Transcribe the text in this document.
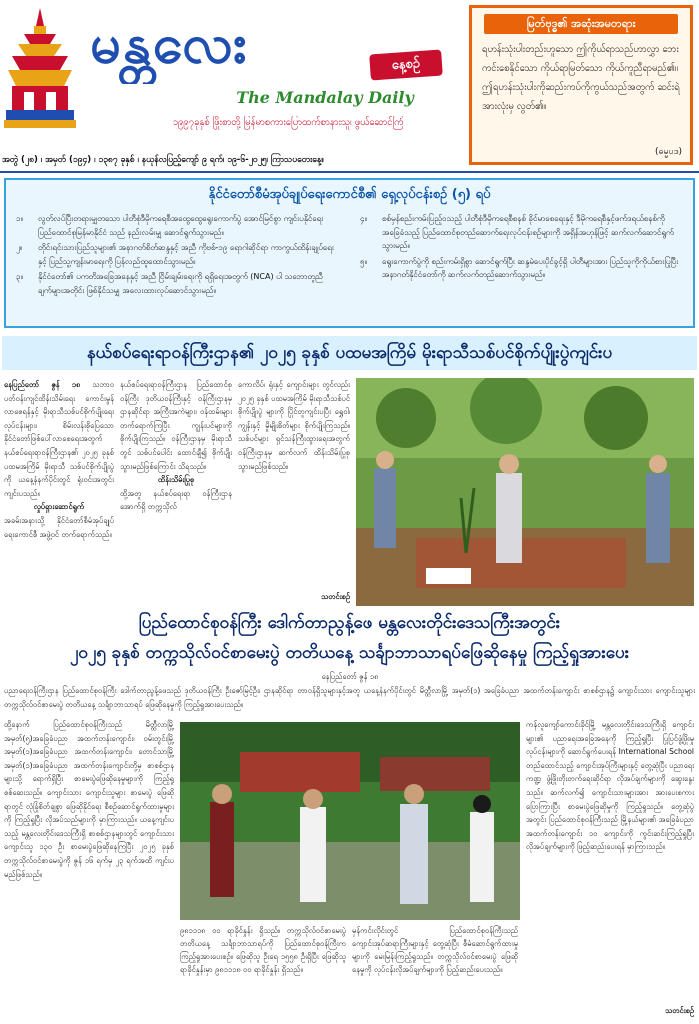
မန္တလေး	နေ့စဉ်
The Mandalay Daily
၁၉၉၇ခုနှစ် ဖြိုးစာတို့ မြန်မာစကားပြောထက်စာနားသူ၊ ဖွယ်ဆောင်ကြံ
မြတ်ဗုဒ္ဓ၏ အဆုံးအမတရား
ရဟန်းသုံးပါးတည်းဟူသော ဤကိုယ်ရာသည်ဟာလွှာ ဘေးကင်းစေနိုင်သော ကိုယ်ရာမြတ်သော ကိုယ်ကူညီရာမည်၏။ ဤရဟန်းသုံးပါးကိုဆည်းကပ်ကိုကွယ်သည်အတွက် ဆင်းရဲအားလုံးမှ လွတ်၏။
(ဓမ္မပဒ)
အတွဲ (၂၈) ၊ အမှတ် (၁၉၄) ၊ ၁၃၈၇ ခုနှစ် ၊ နယုန်လပြည့်ကျော် ၉ ရက်၊ ၁၉-၆-၂၀၂၅၊ ကြာသပတေးနေ့။
နိုင်ငံတော်စီမံအုပ်ချုပ်ရေးကောင်စီ၏ ရှေ့လုပ်ငန်းစဉ် (၅) ရပ်
၁။	လွတ်လပ်ပြီးတရားမျှတသော ပါတီစုံဒီမိုကရေစီအထွေထွေရွေးကောက်ပွဲ အောင်မြင်စွာ ကျင်းပနိုင်ရေး ပြည်ထောင်စုမြန်မာနိုင်ငံ သည် နည်းလမ်းမျှ ဆောင်ရွက်သွားမည်။
၂။	တိုင်းရင်းသားပြည်သူများ၏ အနာဂတ်စိတ်ဆန္ဒနှင့် အညီ ကိုဗစ်-၁၉ ရောဂါဆိုင်ရာ ကာကွယ်ထိန်းချုပ်ရေးနှင့် ပြည်သူ့ကျန်းမာရေးကို ပြန်လည်ထူထောင်သွားမည်။
၃။	နိုင်ငံတော်၏ ပကတိအခြေအနေနှင့် အညီ ငြိမ်းချမ်းရေးကို ရရှိရေးအတွက် (NCA) ပါ သဘောတူညီချက်များအတိုင်း ဖြစ်နိုင်သမျှ အလေးထားလုပ်ဆောင်သွားမည်။
၄။	စစ်မှန်စည်းကမ်းပြည့်ဝသည့် ပါတီစုံဒီမိုကရေစီစနစ် ခိုင်မာစေရေးနှင့် ဒီမိုကရေစီနှင့်ဖက်ဒရယ်စနစ်ကိုအခြေခံသည့် ပြည်ထောင်စုတည်ဆောက်ရေးလုပ်ငန်းစဉ်များကို အရှိန်အဟုန်ဖြင့် ဆက်လက်ဆောင်ရွက်သွားမည်။
၅။	ရွေးကောက်ပွဲကို စည်းကမ်းရှိစွာ ဆောင်ရွက်ပြီး ဆန္ဒမဲပေးပိုင်ခွင့်ရှိ ပါတီများအား ပြည်သူကိုကိုယ်စားပြုပြီး အနာဂတ်နိုင်ငံတော်ကို ဆက်လက်တည်ဆောက်သွားမည်။
နယ်စပ်ရေးရာဝန်ကြီးဌာန၏ ၂၀၂၅ ခုနှစ် ပထမအကြိမ် မိုးရာသီသစ်ပင်စိုက်ပျိုးပွဲကျင်းပ
နေပြည်တော် ဇွန် ၁၈ သဘာဝပတ်ဝန်းကျင်ထိန်းသိမ်းရေး ကောင်းမွန်လာစေရန်နှင့် မိုးရာသီသစ်ပင်စိုက်ပျိုးရေး လုပ်ငန်းများ၊ စိမ်းလန်းစိုပြေသော နိုင်ငံတော်ဖြစ်ပေါ်လာစေရေးအတွက် နယ်စပ်ရေးရာဝန်ကြီးဌာန၏ ၂၀၂၅ ခုနှစ် ပထမအကြိမ် မိုးရာသီ သစ်ပင်စိုက်ပျိုးပွဲကို ယနေ့နံနက်ပိုင်းတွင် ရုံးဝင်းအတွင်း ကျင်းပသည်။
လှုပ်ရှားဆောင်ရွက်
အခမ်းအနားသို့ နိုင်ငံတော်စီမံအုပ်ချုပ်ရေးကောင်စီ အဖွဲ့ဝင် တက်ရောက်သည်။
နယ်စပ်ရေးရာဝန်ကြီးဌာန ပြည်ထောင်စုဝန်ကြီး ဒုတိယဝန်ကြီးနှင့် ဝန်ကြီးဌာနမှ ဌာနဆိုင်ရာ အကြီးအကဲများ၊ ဝန်ထမ်းများ တက်ရောက်ကြပြီး ကျွန်းပင်များကို စိုက်ပျိုးကြသည်။ ဝန်ကြီးဌာနမှ မိုးရာသီတွင် သစ်ပင်ပေါင်း ထောင်ချီ၍ စိုက်ပျိုးသွားမည်ဖြစ်ကြောင်း သိရသည်။
ထိန်းသိမ်းပြုစု
ထို့အတူ နယ်စပ်ရေးရာ ဝန်ကြီးဌာနအောက်ရှိ တက္ကသိုလ်
ကောလိပ်၊ ရုံးနှင့် ကျောင်းများ တွင်လည်း ၂၀၂၅ ခုနှစ် ပထမအကြိမ် မိုးရာသီသစ်ပင်စိုက်ပျိုးပွဲ များကို ပြိုင်တူကျင်းပပြီး ရွှေဝါ၊ ကျွန်းနှင့် မှိုမျိုးစိတ်များ စိုက်ပျိုးကြသည်။ သစ်ပင်များ ရှင်သန်ကြီးထွားရေးအတွက် ဝန်ကြီးဌာနမှ ဆက်လက် ထိန်းသိမ်းပြုစုသွားမည်ဖြစ်သည်။
သတင်းစဉ်
ပြည်ထောင်စုဝန်ကြီး ဒေါက်တာညွန့်ဖေ မန္တလေးတိုင်းဒေသကြီးအတွင်း
၂၀၂၅ ခုနှစ် တက္ကသိုလ်ဝင်စာမေးပွဲ တတိယနေ့ သင်္ချာဘာသာရပ်ဖြေဆိုနေမှု ကြည့်ရှုအားပေး
နေပြည်တော် ဇွန် ၁၈
ပညာရေးဝန်ကြီးဌာန ပြည်ထောင်စုဝန်ကြီး ဒေါက်တာညွန့်ဖေသည် ဒုတိယဝန်ကြီး ဦးဇော်မြင့်ဦး၊ ဌာနဆိုင်ရာ တာဝန်ရှိသူများနှင့်အတူ ယနေ့နံနက်ပိုင်းတွင် မိတ္ထီလာမြို့ အမှတ်(၁) အခြေခံပညာ အထက်တန်းကျောင်း စာစစ်ဌာန၌ ကျောင်းသား ကျောင်းသူများ တက္ကသိုလ်ဝင်စာမေးပွဲ တတိယနေ့ သင်္ချာဘာသာရပ် ဖြေဆိုနေမှုကို ကြည့်ရှုအားပေးသည်။
ထို့နောက် ပြည်ထောင်စုဝန်ကြီးသည် မိတ္ထီလာမြို့ အမှတ်(၅)အခြေခံပညာ အထက်တန်းကျောင်း၊ ဝမ်းတွင်းမြို့ အမှတ်(၁)အခြေခံပညာ အထက်တန်းကျောင်း၊ တောင်သာမြို့ အမှတ်(၁)အခြေခံပညာ အထက်တန်းကျောင်းတို့မှ စာစစ်ဌာနများသို့ ရောက်ရှိပြီး စာမေးပွဲဖြေဆိုနေမှုများကို ကြည့်ရှုစစ်ဆေးသည်။ ကျောင်းသား ကျောင်းသူများ စာမေးပွဲ ဖြေဆိုရာတွင် လုံခြုံစိတ်ချစွာ ဖြေဆိုနိုင်ရေး စီစဉ်ဆောင်ရွက်ထားမှုများကို ကြည့်ရှုပြီး လိုအပ်သည်များကို မှာကြားသည်။ ယနေ့ကျင်းပသည့် မန္တလေးတိုင်းဒေသကြီးရှိ စာစစ်ဌာနများတွင် ကျောင်းသား ကျောင်းသူ ၁၃၀ ဦး စာမေးပွဲဖြေဆိုနေကြပြီး ၂၀၂၅ ခုနှစ် တက္ကသိုလ်ဝင်စာမေးပွဲကို ဇွန် ၁၆ ရက်မှ ၂၃ ရက်အထိ ကျင်းပမည်ဖြစ်သည်။
၉၈၁၁၁၈ ဝ၀ ရာခိုင်နှုန်း ရှိသည်။ တက္ကသိုလ်ဝင်စာမေးပွဲ တတိယနေ့ သင်္ချာဘာသာရပ်ကို ပြည်ထောင်စုဝန်ကြီးက ကြည့်ရှုအားပေးစဉ်။ ဖြေဆိုသူ ဦးရေ ၁၅၅၈ ဦးရှိပြီး ဖြေဆိုသူ ရာခိုင်နှုန်းမှာ ၉၈၁၁၁၈ ဝ၀ ရာခိုင်နှုန်း ရှိသည်။
မှန်ကင်းလိုင်းတွင် ပြည်ထောင်စုဝန်ကြီးသည် ကျောင်းအုပ်ဆရာကြီးများနှင့် တွေ့ဆုံပြီး စီမံဆောင်ရွက်ထားမှုများကို မေးမြန်းကြည့်ရှုသည်။ တက္ကသိုလ်ဝင်စာမေးပွဲ ဖြေဆိုနေမှုကို လုပ်ငန်းလိုအပ်ချက်များကို ပြည့်ဆည်းပေးသည်။
ကန်လူကျော်ကောင်းခိုင်မြို့ မန္တလေးတိုင်းဒေသကြီးရှိ ကျောင်းများ၏ ပညာရေးအခြေအနေကို ကြည့်ရှုပြီး ပြုပြင်ဖွံ့ဖြိုးမှုလုပ်ငန်းများကို ဆောင်ရွက်ပေးရန် International School တည်ထောင်သည့် ကျောင်းအုပ်ကြီးများနှင့် တွေ့ဆုံပြီး ပညာရေးကဏ္ဍ ဖွံ့ဖြိုးတိုးတက်ရေးဆိုင်ရာ လိုအပ်ချက်များကို ဆွေးနွေးသည်။ ဆက်လက်၍ ကျောင်းသားများအား အားပေးစကား ပြောကြားပြီး စာမေးပွဲဖြေဆိုမှုကို ကြည့်ရှုသည်။ တွေ့ဆုံပွဲအတွင်း ပြည်ထောင်စုဝန်ကြီးသည် မြို့နယ်များ၏ အခြေခံပညာ အထက်တန်းကျောင်း ၁၀ ကျောင်းကို ကွင်းဆင်းကြည့်ရှုပြီး လိုအပ်ချက်များကို ဖြည့်ဆည်းပေးရန် မှာကြားသည်။
သတင်းစဉ်
